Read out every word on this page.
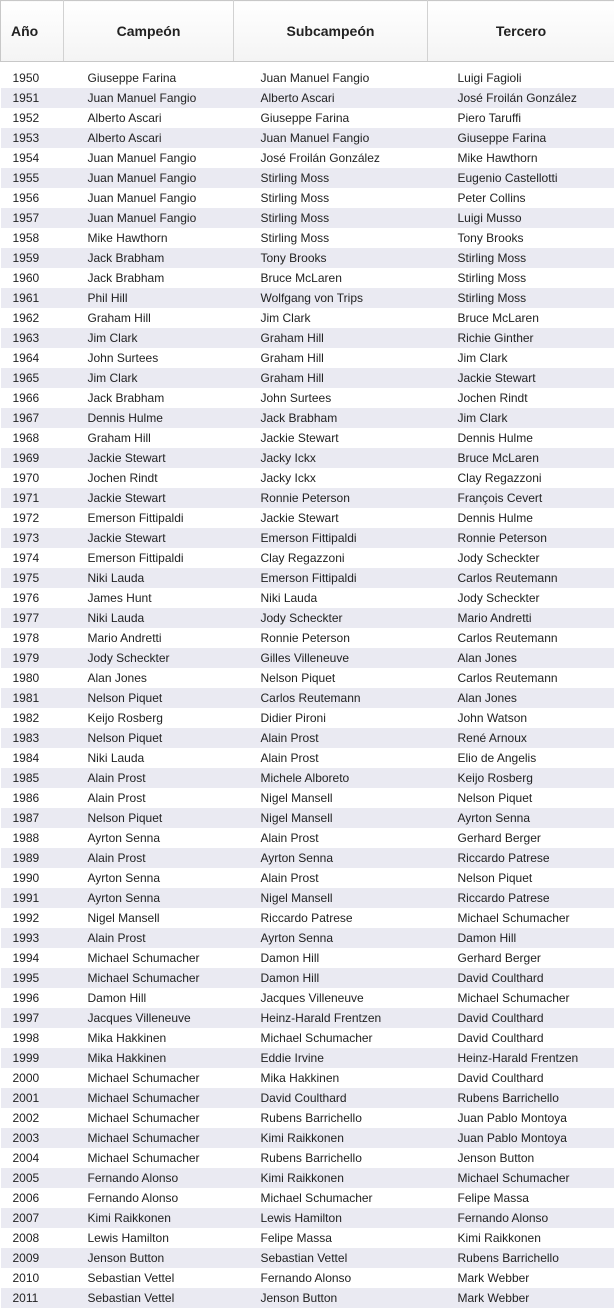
Año	Campeón	Subcampeón	Tercero

1950	Giuseppe Farina	Juan Manuel Fangio	Luigi Fagioli
1951	Juan Manuel Fangio	Alberto Ascari	José Froilán González
1952	Alberto Ascari	Giuseppe Farina	Piero Taruffi
1953	Alberto Ascari	Juan Manuel Fangio	Giuseppe Farina
1954	Juan Manuel Fangio	José Froilán González	Mike Hawthorn
1955	Juan Manuel Fangio	Stirling Moss	Eugenio Castellotti
1956	Juan Manuel Fangio	Stirling Moss	Peter Collins
1957	Juan Manuel Fangio	Stirling Moss	Luigi Musso
1958	Mike Hawthorn	Stirling Moss	Tony Brooks
1959	Jack Brabham	Tony Brooks	Stirling Moss
1960	Jack Brabham	Bruce McLaren	Stirling Moss
1961	Phil Hill	Wolfgang von Trips	Stirling Moss
1962	Graham Hill	Jim Clark	Bruce McLaren
1963	Jim Clark	Graham Hill	Richie Ginther
1964	John Surtees	Graham Hill	Jim Clark
1965	Jim Clark	Graham Hill	Jackie Stewart
1966	Jack Brabham	John Surtees	Jochen Rindt
1967	Dennis Hulme	Jack Brabham	Jim Clark
1968	Graham Hill	Jackie Stewart	Dennis Hulme
1969	Jackie Stewart	Jacky Ickx	Bruce McLaren
1970	Jochen Rindt	Jacky Ickx	Clay Regazzoni
1971	Jackie Stewart	Ronnie Peterson	François Cevert
1972	Emerson Fittipaldi	Jackie Stewart	Dennis Hulme
1973	Jackie Stewart	Emerson Fittipaldi	Ronnie Peterson
1974	Emerson Fittipaldi	Clay Regazzoni	Jody Scheckter
1975	Niki Lauda	Emerson Fittipaldi	Carlos Reutemann
1976	James Hunt	Niki Lauda	Jody Scheckter
1977	Niki Lauda	Jody Scheckter	Mario Andretti
1978	Mario Andretti	Ronnie Peterson	Carlos Reutemann
1979	Jody Scheckter	Gilles Villeneuve	Alan Jones
1980	Alan Jones	Nelson Piquet	Carlos Reutemann
1981	Nelson Piquet	Carlos Reutemann	Alan Jones
1982	Keijo Rosberg	Didier Pironi	John Watson
1983	Nelson Piquet	Alain Prost	René Arnoux
1984	Niki Lauda	Alain Prost	Elio de Angelis
1985	Alain Prost	Michele Alboreto	Keijo Rosberg
1986	Alain Prost	Nigel Mansell	Nelson Piquet
1987	Nelson Piquet	Nigel Mansell	Ayrton Senna
1988	Ayrton Senna	Alain Prost	Gerhard Berger
1989	Alain Prost	Ayrton Senna	Riccardo Patrese
1990	Ayrton Senna	Alain Prost	Nelson Piquet
1991	Ayrton Senna	Nigel Mansell	Riccardo Patrese
1992	Nigel Mansell	Riccardo Patrese	Michael Schumacher
1993	Alain Prost	Ayrton Senna	Damon Hill
1994	Michael Schumacher	Damon Hill	Gerhard Berger
1995	Michael Schumacher	Damon Hill	David Coulthard
1996	Damon Hill	Jacques Villeneuve	Michael Schumacher
1997	Jacques Villeneuve	Heinz-Harald Frentzen	David Coulthard
1998	Mika Hakkinen	Michael Schumacher	David Coulthard
1999	Mika Hakkinen	Eddie Irvine	Heinz-Harald Frentzen
2000	Michael Schumacher	Mika Hakkinen	David Coulthard
2001	Michael Schumacher	David Coulthard	Rubens Barrichello
2002	Michael Schumacher	Rubens Barrichello	Juan Pablo Montoya
2003	Michael Schumacher	Kimi Raikkonen	Juan Pablo Montoya
2004	Michael Schumacher	Rubens Barrichello	Jenson Button
2005	Fernando Alonso	Kimi Raikkonen	Michael Schumacher
2006	Fernando Alonso	Michael Schumacher	Felipe Massa
2007	Kimi Raikkonen	Lewis Hamilton	Fernando Alonso
2008	Lewis Hamilton	Felipe Massa	Kimi Raikkonen
2009	Jenson Button	Sebastian Vettel	Rubens Barrichello
2010	Sebastian Vettel	Fernando Alonso	Mark Webber
2011	Sebastian Vettel	Jenson Button	Mark Webber
